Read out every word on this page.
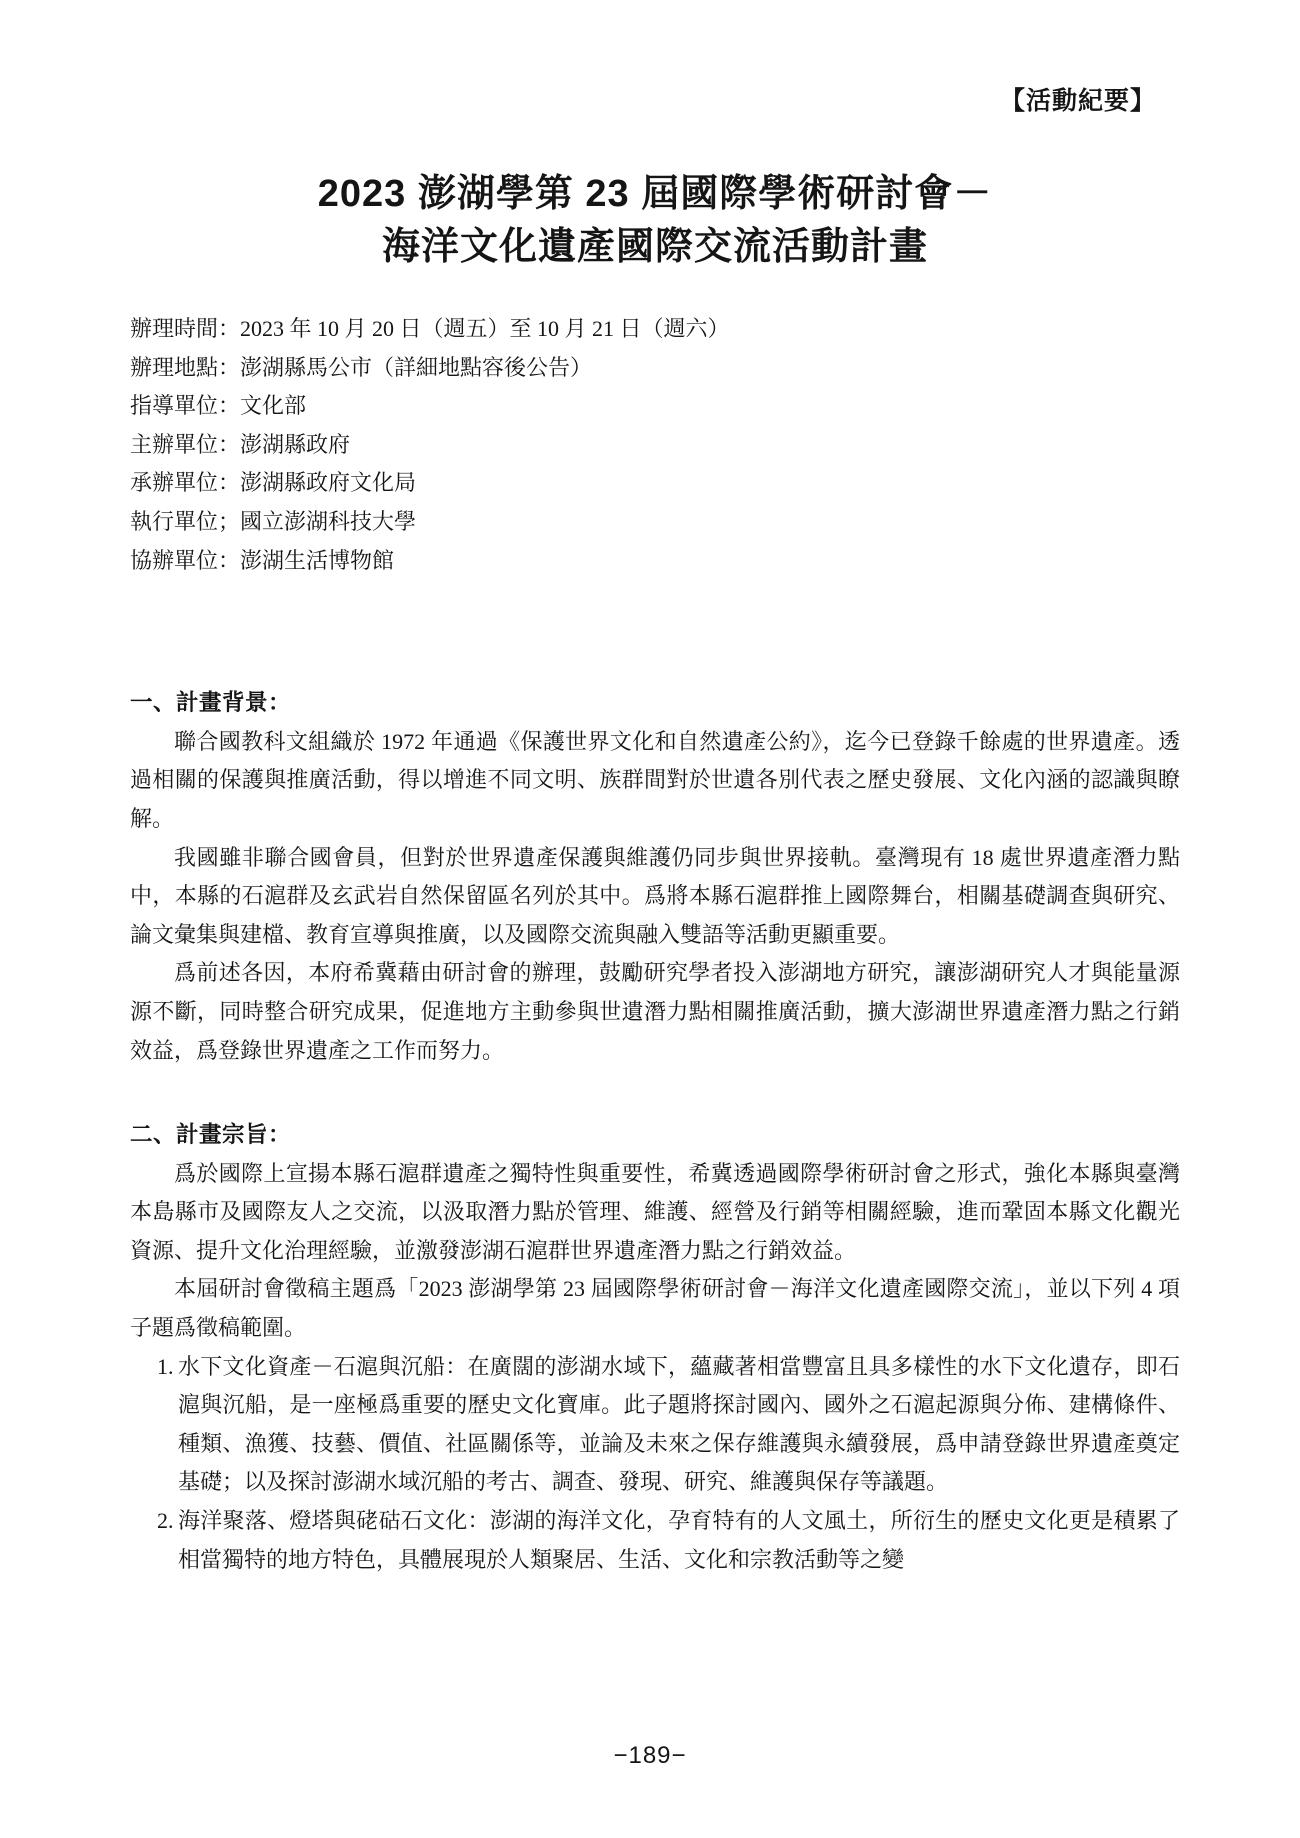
【活動紀要】
2023 澎湖學第 23 屆國際學術研討會－
海洋文化遺產國際交流活動計畫
辦理時間：2023 年 10 月 20 日（週五）至 10 月 21 日（週六）
辦理地點：澎湖縣馬公市（詳細地點容後公告）
指導單位：文化部
主辦單位：澎湖縣政府
承辦單位：澎湖縣政府文化局
執行單位；國立澎湖科技大學
協辦單位：澎湖生活博物館
一、計畫背景：

聯合國教科文組織於 1972 年通過《保護世界文化和自然遺產公約》，迄今已登錄千餘處的世界遺產。透過相關的保護與推廣活動，得以增進不同文明、族群間對於世遺各別代表之歷史發展、文化內涵的認識與瞭解。

我國雖非聯合國會員，但對於世界遺產保護與維護仍同步與世界接軌。臺灣現有 18 處世界遺產潛力點中，本縣的石滬群及玄武岩自然保留區名列於其中。爲將本縣石滬群推上國際舞台，相關基礎調查與研究、論文彙集與建檔、教育宣導與推廣，以及國際交流與融入雙語等活動更顯重要。

爲前述各因，本府希冀藉由研討會的辦理，鼓勵研究學者投入澎湖地方研究，讓澎湖研究人才與能量源源不斷，同時整合研究成果，促進地方主動參與世遺潛力點相關推廣活動，擴大澎湖世界遺產潛力點之行銷效益，爲登錄世界遺產之工作而努力。

二、計畫宗旨：

爲於國際上宣揚本縣石滬群遺產之獨特性與重要性，希冀透過國際學術研討會之形式，強化本縣與臺灣本島縣市及國際友人之交流，以汲取潛力點於管理、維護、經營及行銷等相關經驗，進而鞏固本縣文化觀光資源、提升文化治理經驗，並激發澎湖石滬群世界遺產潛力點之行銷效益。

本屆研討會徵稿主題爲「2023 澎湖學第 23 屆國際學術研討會－海洋文化遺產國際交流」，並以下列 4 項子題爲徵稿範圍。

1. 水下文化資產－石滬與沉船：在廣闊的澎湖水域下，蘊藏著相當豐富且具多樣性的水下文化遺存，即石滬與沉船，是一座極爲重要的歷史文化寶庫。此子題將探討國內、國外之石滬起源與分佈、建構條件、種類、漁獲、技藝、價值、社區關係等，並論及未來之保存維護與永續發展，爲申請登錄世界遺產奠定基礎；以及探討澎湖水域沉船的考古、調查、發現、研究、維護與保存等議題。
2. 海洋聚落、燈塔與硓𥑮石文化：澎湖的海洋文化，孕育特有的人文風土，所衍生的歷史文化更是積累了相當獨特的地方特色，具體展現於人類聚居、生活、文化和宗教活動等之變
−189−
